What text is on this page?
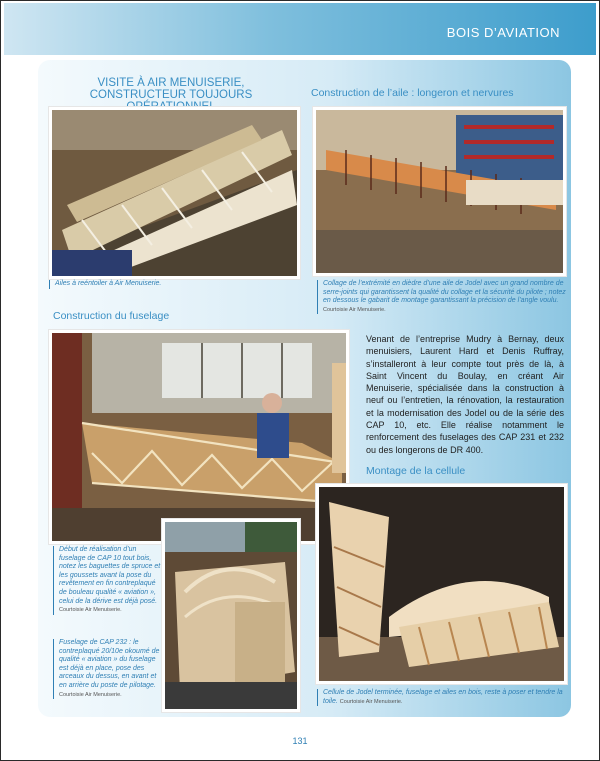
BOIS D’AVIATION
VISITE À AIR MENUISERIE,
CONSTRUCTEUR TOUJOURS	Construction de l’aile : longeron et nervures
Ailes à reéntoiler à Air Menuiserie.	Collage de l’extrémité en dièdre d’une aile de Jodel avec un grand nombre de serre-joints qui garantissent la qualité du collage et la sécurité du pilote ; notez en dessous le gabarit de montage garantissant la précision de l’angle voulu. Courtoisie Air Menuiserie.
Construction du fuselage
Début de réalisation d’un fuselage de CAP 10 tout bois, notez les baguettes de spruce et les goussets avant la pose du revêtement en fin contreplaqué de bouleau qualité « aviation », celui de la dérive est déjà posé. Courtoisie Air Menuiserie.
Fuselage de CAP 232 : le contreplaqué 20/10e okoumé de qualité « aviation » du fuselage est déjà en place, pose des arceaux du dessus, en avant et en arrière du poste de pilotage. Courtoisie Air Menuiserie.
Venant de l’entreprise Mudry à Bernay, deux menuisiers, Laurent Hard et Denis Ruffray, s’installeront à leur compte tout près de là, à Saint Vincent du Boulay, en créant Air Menuiserie, spécialisée dans la construction à neuf ou l’entretien, la rénovation, la restauration et la modernisation des Jodel ou de la série des CAP 10, etc. Elle réalise notamment le renforcement des fuselages des CAP 231 et 232 ou des longerons de DR 400.
Montage de la cellule
Cellule de Jodel terminée, fuselage et ailes en bois, reste à poser et tendre la toile. Courtoisie Air Menuiserie.
131
